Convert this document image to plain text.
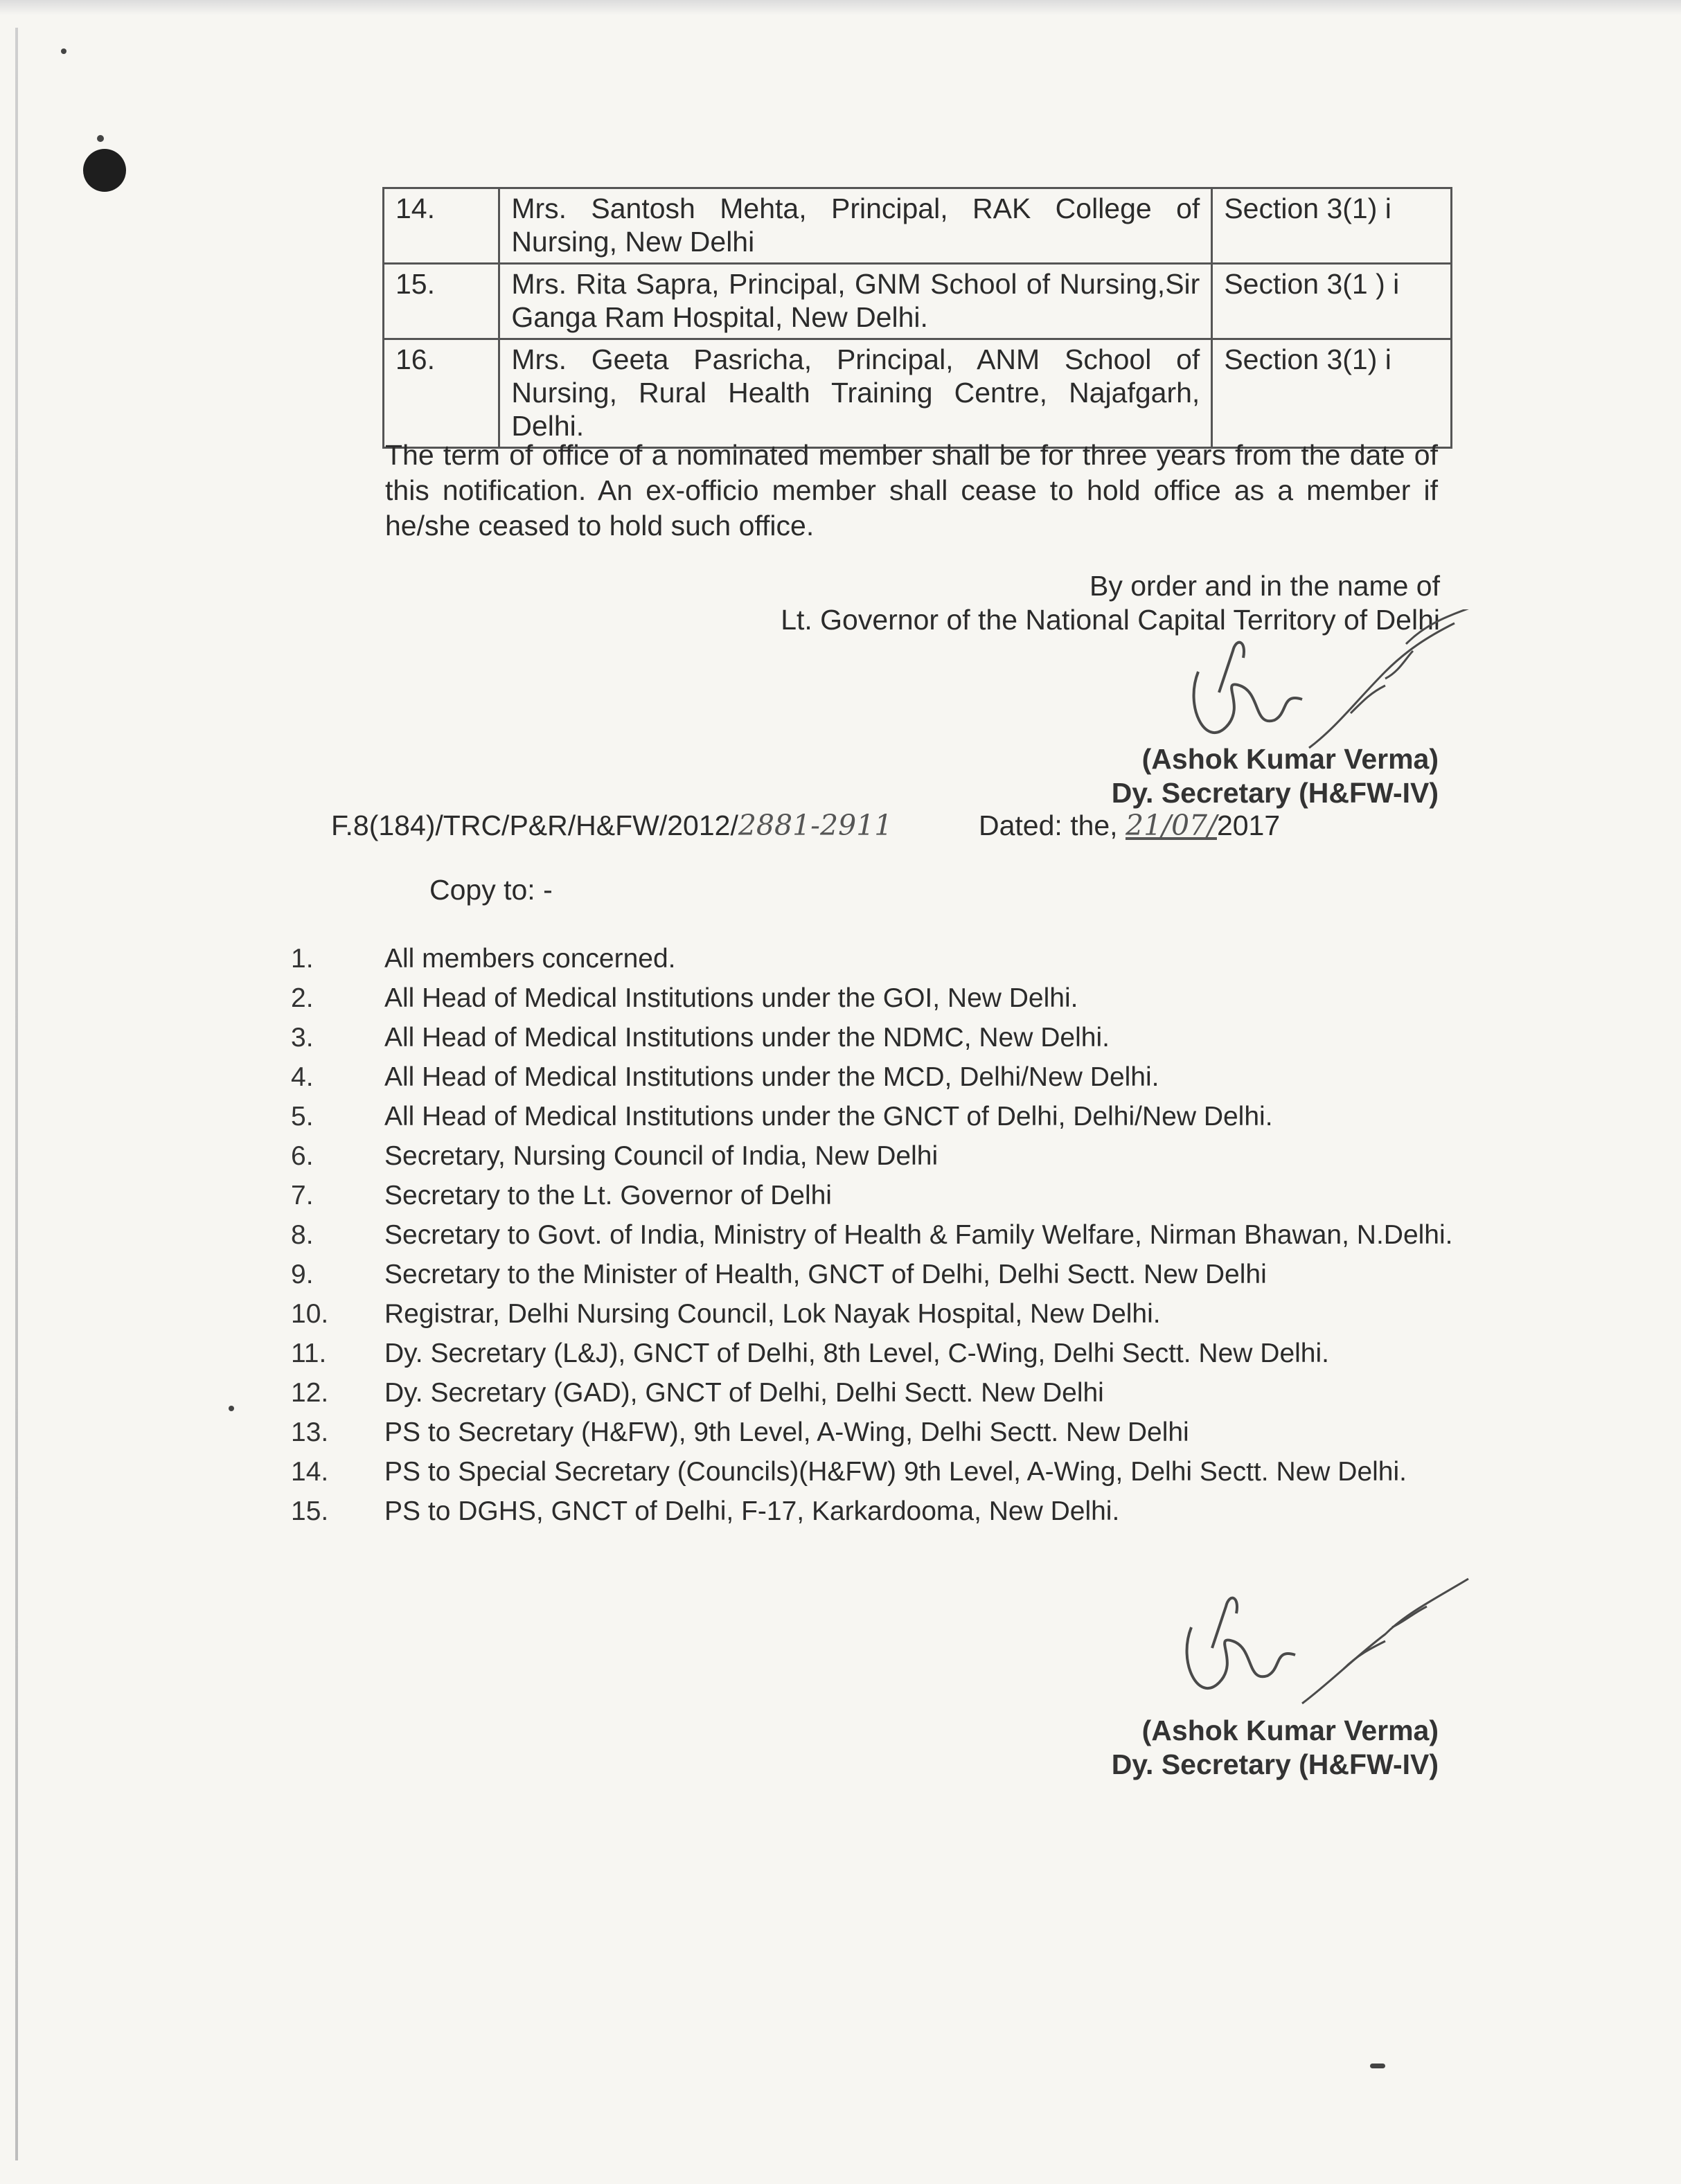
14.	Mrs. Santosh Mehta, Principal, RAK College of Nursing, New Delhi	Section 3(1) i
15.	Mrs. Rita Sapra, Principal, GNM School of Nursing,Sir Ganga Ram Hospital, New Delhi.	Section 3(1 ) i
16.	Mrs. Geeta Pasricha, Principal, ANM School of Nursing, Rural Health Training Centre, Najafgarh, Delhi.	Section 3(1) i
The term of office of a nominated member shall be for three years from the date of this notification. An ex-officio member shall cease to hold office as a member if he/she ceased to hold such office.
By order and in the name of
Lt. Governor of the National Capital Territory of Delhi
(Ashok Kumar Verma)
Dy. Secretary (H&FW-IV)
F.8(184)/TRC/P&R/H&FW/2012/2881-2911	Dated: the, 21/07/2017
Copy to: -
1.	All members concerned.
2.	All Head of Medical Institutions under the GOI, New Delhi.
3.	All Head of Medical Institutions under the NDMC, New Delhi.
4.	All Head of Medical Institutions under the MCD, Delhi/New Delhi.
5.	All Head of Medical Institutions under the GNCT of Delhi, Delhi/New Delhi.
6.	Secretary, Nursing Council of India, New Delhi
7.	Secretary to the Lt. Governor of Delhi
8.	Secretary to Govt. of India, Ministry of Health & Family Welfare, Nirman Bhawan, N.Delhi.
9.	Secretary to the Minister of Health, GNCT of Delhi, Delhi Sectt. New Delhi
10.	Registrar, Delhi Nursing Council, Lok Nayak Hospital, New Delhi.
11.	Dy. Secretary (L&J), GNCT of Delhi, 8th Level, C-Wing, Delhi Sectt. New Delhi.
12.	Dy. Secretary (GAD), GNCT of Delhi, Delhi Sectt. New Delhi
13.	PS to Secretary (H&FW), 9th Level, A-Wing, Delhi Sectt. New Delhi
14.	PS to Special Secretary (Councils)(H&FW) 9th Level, A-Wing, Delhi Sectt. New Delhi.
15.	PS to DGHS, GNCT of Delhi, F-17, Karkardooma, New Delhi.
(Ashok Kumar Verma)
Dy. Secretary (H&FW-IV)
